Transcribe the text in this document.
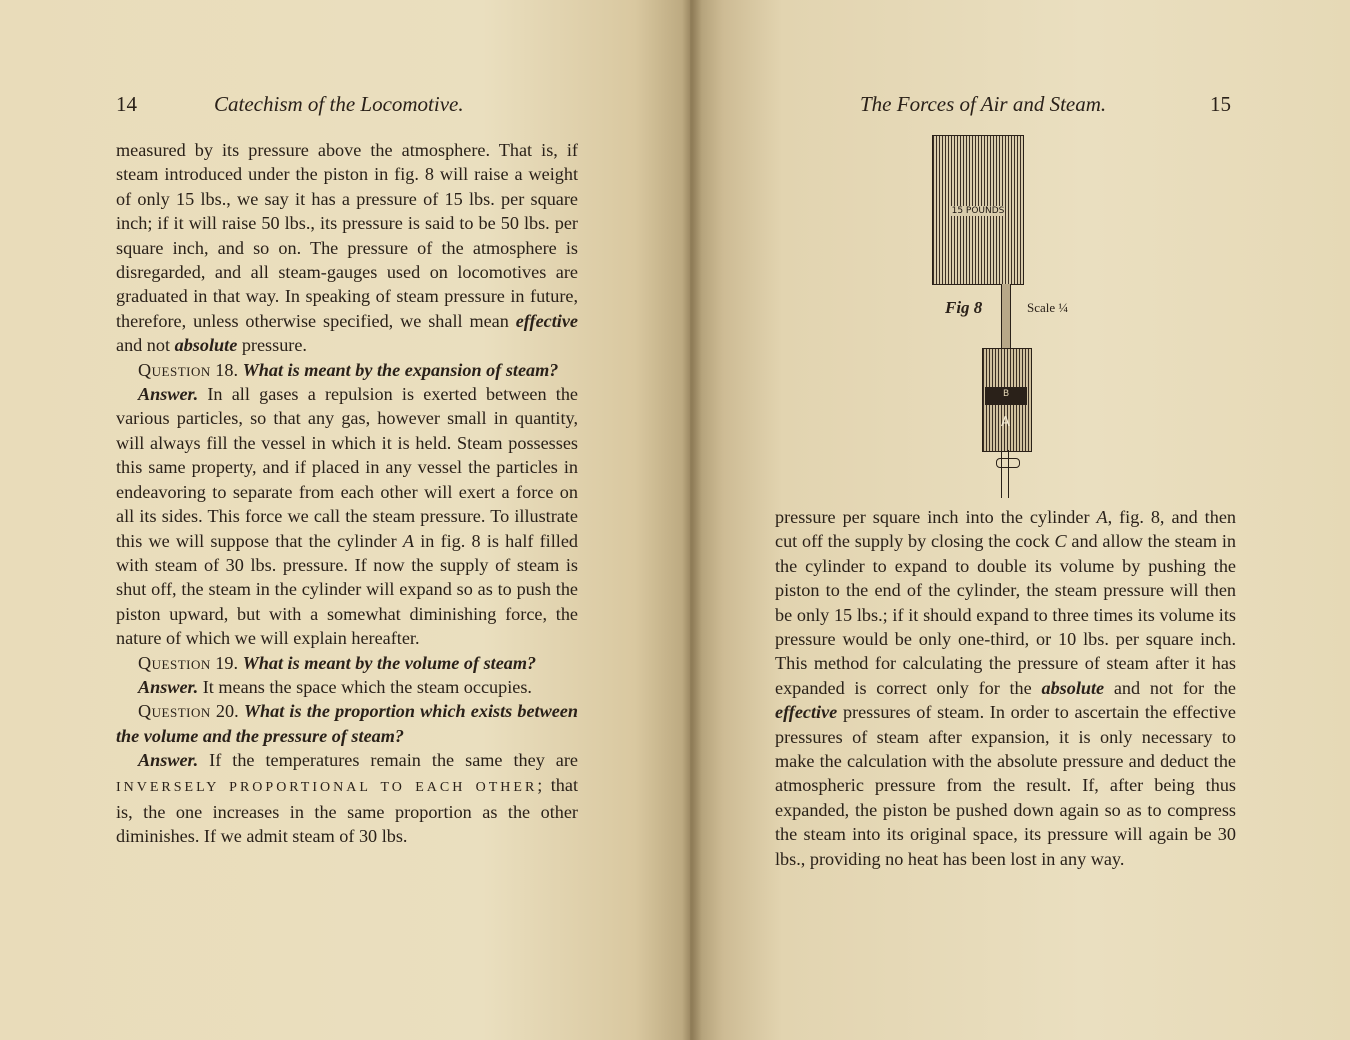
14	Catechism of the Locomotive.	The Forces of Air and Steam.	15

measured by its pressure above the atmosphere. That is, if steam introduced under the piston in fig. 8 will raise a weight of only 15 lbs., we say it has a pressure of 15 lbs. per square inch; if it will raise 50 lbs., its pressure is said to be 50 lbs. per square inch, and so on. The pressure of the atmosphere is disregarded, and all steam-gauges used on locomotives are graduated in that way. In speaking of steam pressure in future, therefore, unless otherwise specified, we shall mean effective and not absolute pressure.

Question 18. What is meant by the expansion of steam?

Answer. In all gases a repulsion is exerted between the various particles, so that any gas, however small in quantity, will always fill the vessel in which it is held. Steam possesses this same property, and if placed in any vessel the particles in endeavoring to separate from each other will exert a force on all its sides. This force we call the steam pressure. To illustrate this we will suppose that the cylinder A in fig. 8 is half filled with steam of 30 lbs. pressure. If now the supply of steam is shut off, the steam in the cylinder will expand so as to push the piston upward, but with a somewhat diminishing force, the nature of which we will explain hereafter.

Question 19. What is meant by the volume of steam?

Answer. It means the space which the steam occupies.

Question 20. What is the proportion which exists between the volume and the pressure of steam?

Answer. If the temperatures remain the same they are INVERSELY PROPORTIONAL TO EACH OTHER; that is, the one increases in the same proportion as the other diminishes. If we admit steam of 30 lbs.

15 POUNDS
Fig 8	Scale ¼
B
A

pressure per square inch into the cylinder A, fig. 8, and then cut off the supply by closing the cock C and allow the steam in the cylinder to expand to double its volume by pushing the piston to the end of the cylinder, the steam pressure will then be only 15 lbs.; if it should expand to three times its volume its pressure would be only one-third, or 10 lbs. per square inch. This method for calculating the pressure of steam after it has expanded is correct only for the absolute and not for the effective pressures of steam. In order to ascertain the effective pressures of steam after expansion, it is only necessary to make the calculation with the absolute pressure and deduct the atmospheric pressure from the result. If, after being thus expanded, the piston be pushed down again so as to compress the steam into its original space, its pressure will again be 30 lbs., providing no heat has been lost in any way.
